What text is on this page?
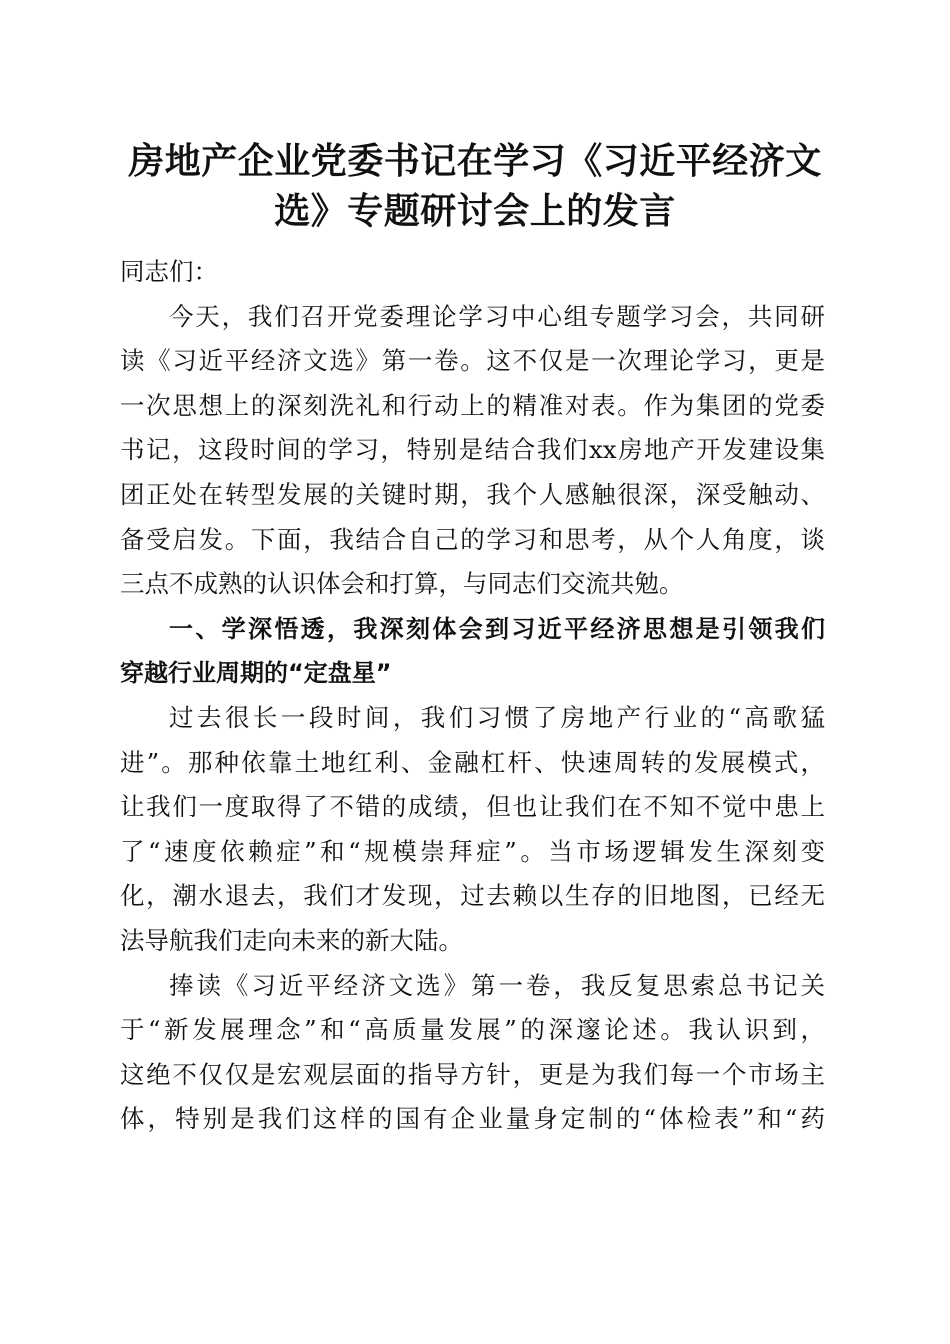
房地产企业党委书记在学习《习近平经济文
选》专题研讨会上的发言
同志们：
今天，我们召开党委理论学习中心组专题学习会，共同研
读《习近平经济文选》第一卷。这不仅是一次理论学习，更是
一次思想上的深刻洗礼和行动上的精准对表。作为集团的党委
书记，这段时间的学习，特别是结合我们xx房地产开发建设集
团正处在转型发展的关键时期，我个人感触很深，深受触动、
备受启发。下面，我结合自己的学习和思考，从个人角度，谈
三点不成熟的认识体会和打算，与同志们交流共勉。
一、学深悟透，我深刻体会到习近平经济思想是引领我们
穿越行业周期的“定盘星”
过去很长一段时间，我们习惯了房地产行业的“高歌猛
进”。那种依靠土地红利、金融杠杆、快速周转的发展模式，
让我们一度取得了不错的成绩，但也让我们在不知不觉中患上
了“速度依赖症”和“规模崇拜症”。当市场逻辑发生深刻变
化，潮水退去，我们才发现，过去赖以生存的旧地图，已经无
法导航我们走向未来的新大陆。
捧读《习近平经济文选》第一卷，我反复思索总书记关
于“新发展理念”和“高质量发展”的深邃论述。我认识到，
这绝不仅仅是宏观层面的指导方针，更是为我们每一个市场主
体，特别是我们这样的国有企业量身定制的“体检表”和“药
